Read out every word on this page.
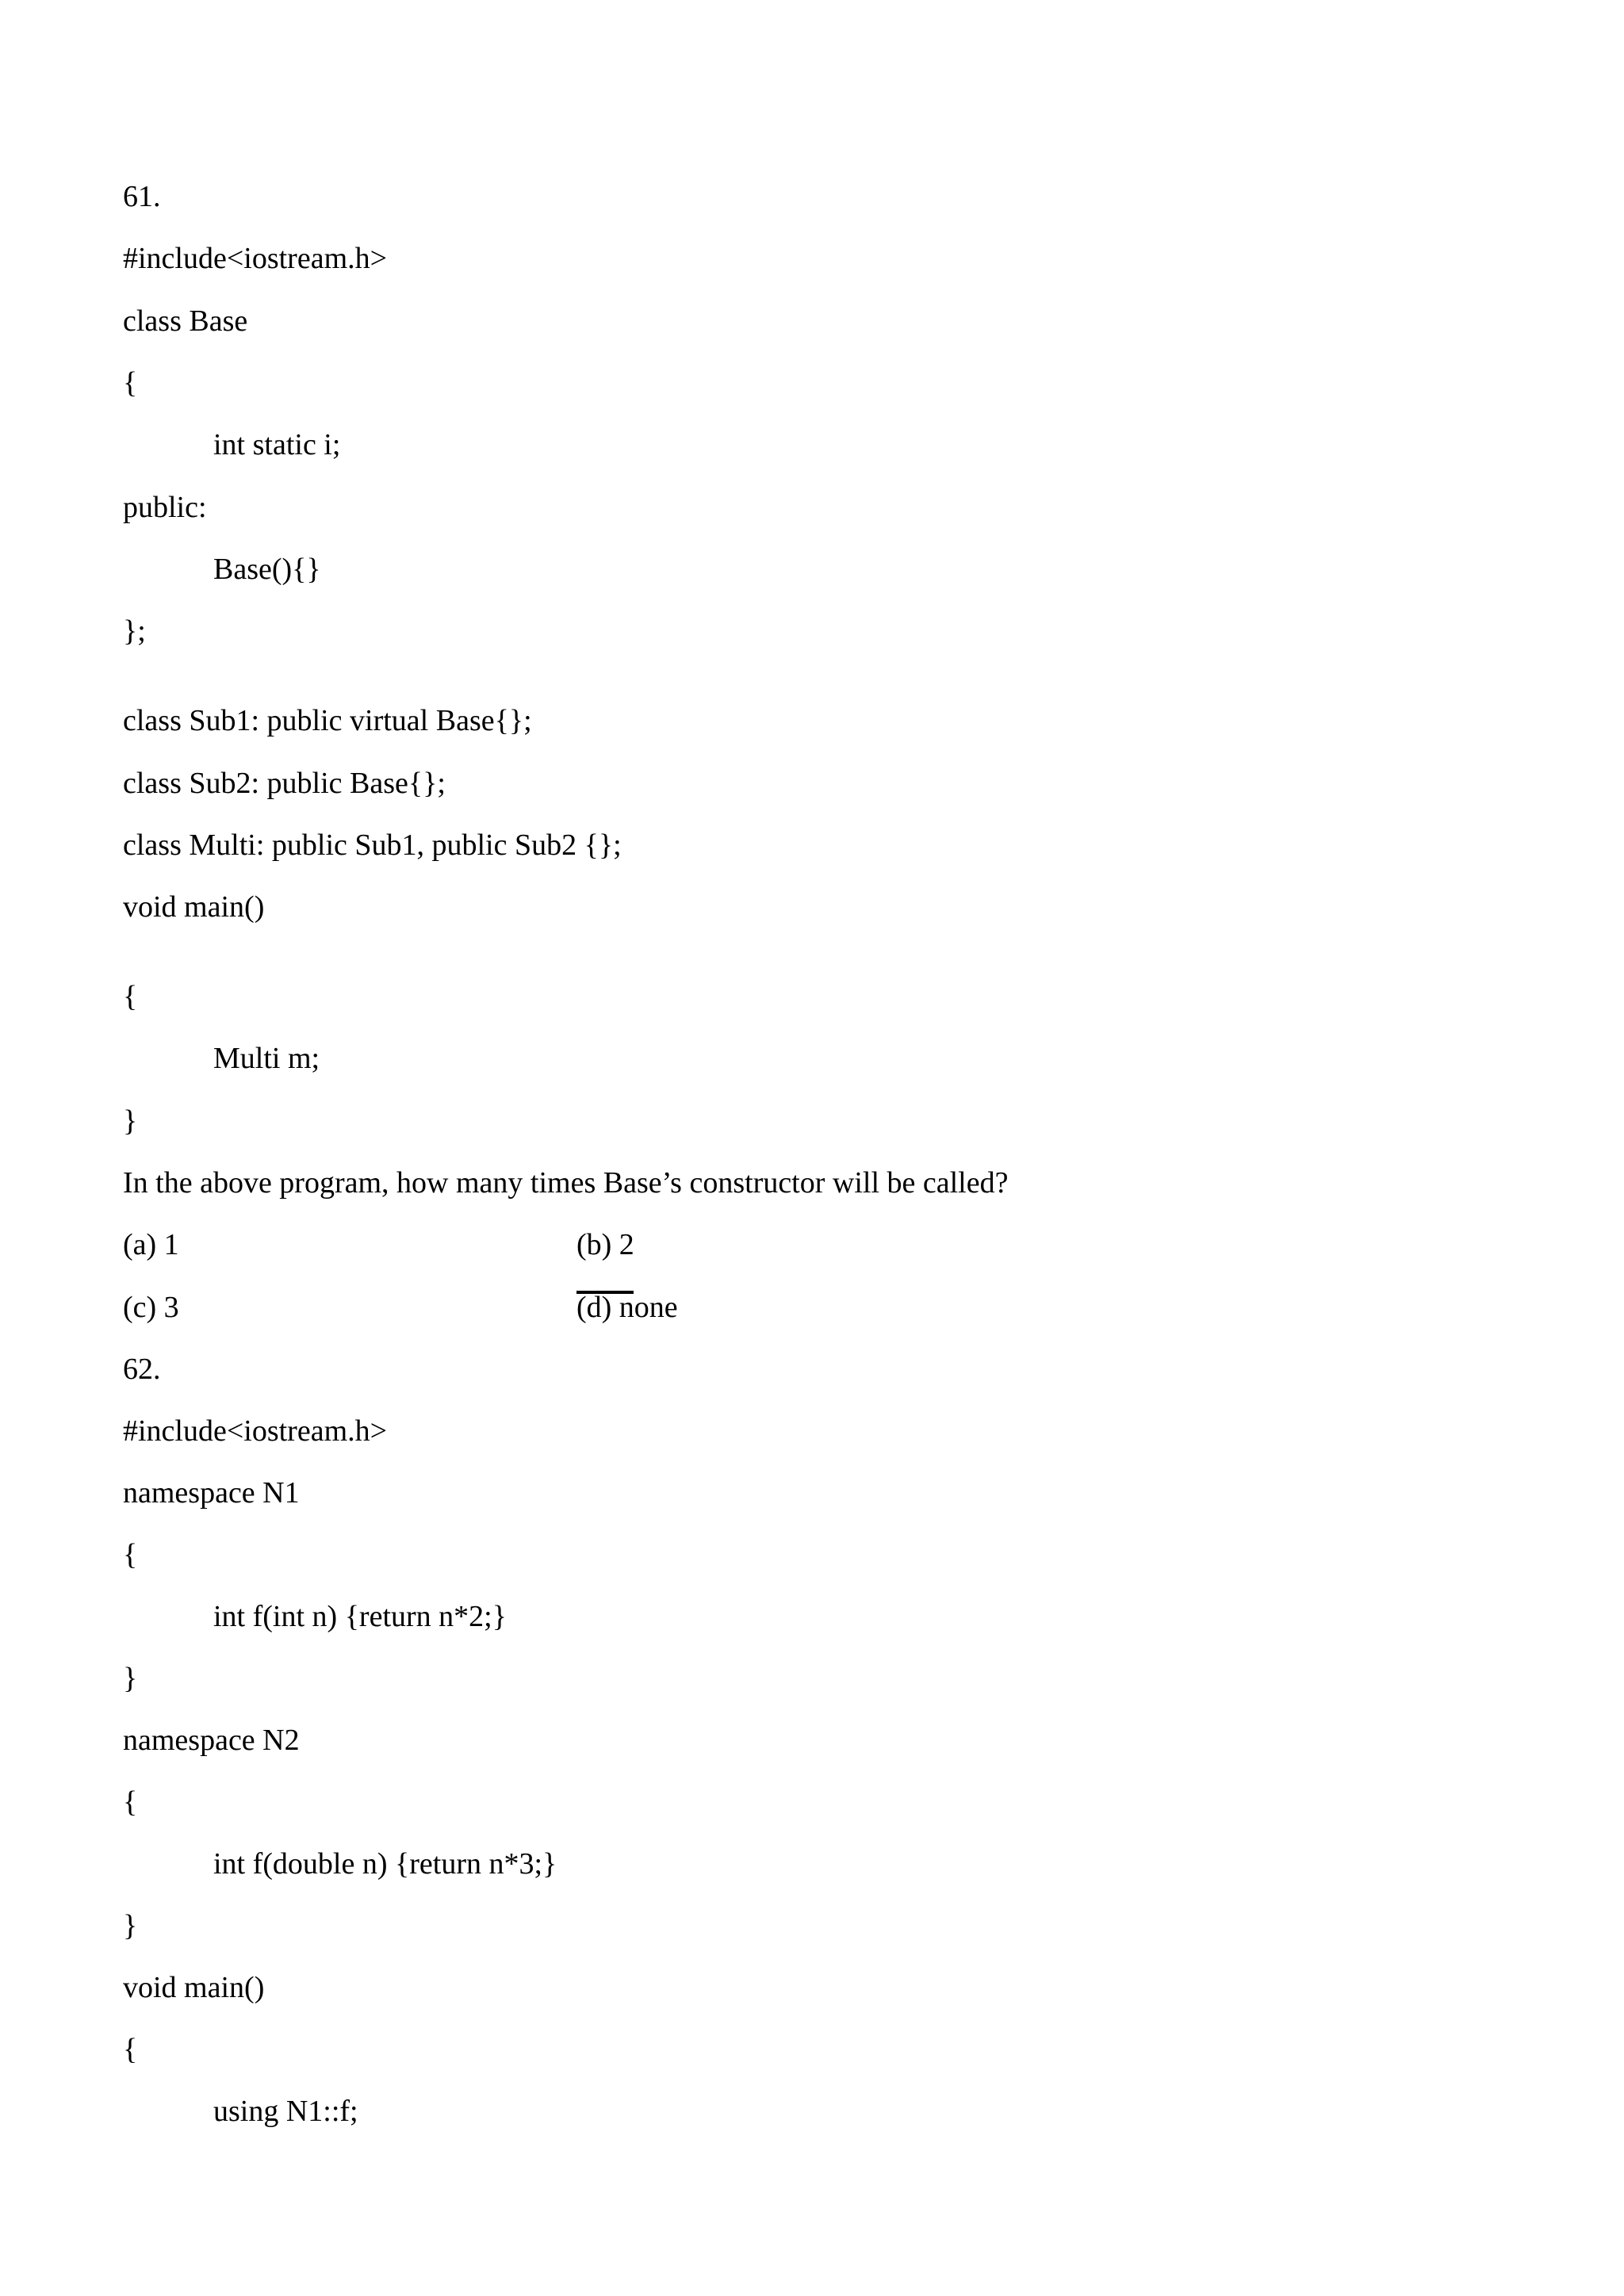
61.
#include<iostream.h>
class Base
{
int static i;
public:
Base(){}
};
class Sub1: public virtual Base{};
class Sub2: public Base{};
class Multi: public Sub1, public Sub2 {};
void main()
{
Multi m;
}
In the above program, how many times Base’s constructor will be called?
(a) 1	(b) 2
(c) 3	(d) none
62.
#include<iostream.h>
namespace N1
{
int f(int n) {return n*2;}
}
namespace N2
{
int f(double n) {return n*3;}
}
void main()
{
using N1::f;
